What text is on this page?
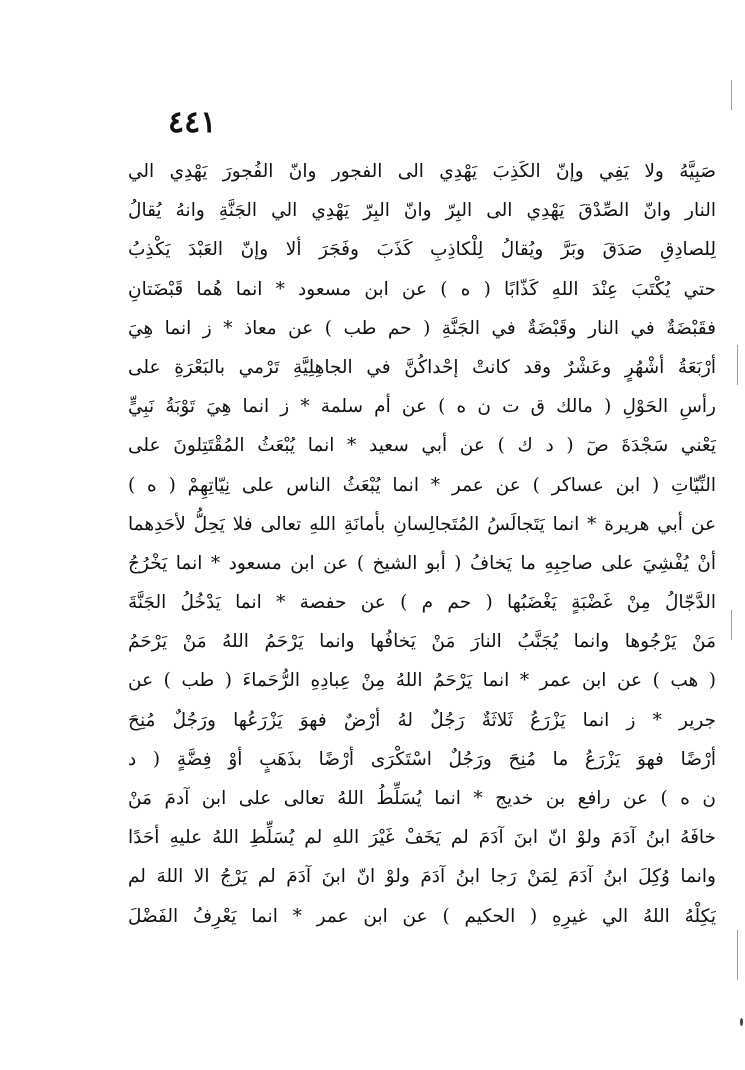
٤٤١
صَبِيَّهُ ولا يَفِي وإنّ الكَذِبَ يَهْدِي الى الفجور وانّ الفُجورَ يَهْدِي الي
النار وانّ الصِّدْقَ يَهْدِي الى البِرّ وانّ البِرّ يَهْدِي الي الجَنَّةِ وانهُ يُقالُ
لِلصادِقِ صَدَقَ وبَرَّ ويُقالُ لِلْكاذِبِ كَذَبَ وفَجَرَ ألا وإنّ العَبْدَ يَكْذِبُ
حتي يُكْتَبَ عِنْدَ اللهِ كَذّابًا ( ه ) عن ابن مسعود * انما هُما قَبْضَتانِ
فقَبْضَةٌ في النار وقَبْضَةٌ في الجَنَّةِ ( حم طب ) عن معاذ * ز انما هِيَ
أرْبَعَةُ أشْهُرٍ وعَشْرٌ وقد كانتْ إحْداكُنَّ في الجاهِلِيَّةِ تَرْمي بالبَعْرَةِ على
رأسِ الحَوْلِ ( مالك ق ت ن ه ) عن أم سلمة * ز انما هِيَ تَوْبَةُ نَبِيٍّ
يَعْني سَجْدَةَ صٓ ( د ك ) عن أبي سعيد * انما يُبْعَثُ المُقْتَتِلونَ على
النِّيّاتِ ( ابن عساكر ) عن عمر * انما يُبْعَثُ الناس على نِيّاتِهِمْ ( ه )
عن أبي هريرة * انما يَتَجالَسُ المُتَجالِسانِ بأمانَةِ اللهِ تعالى فلا يَحِلُّ لأحَدِهما
أنْ يُفْشِيَ على صاحِبِهِ ما يَخافُ ( أبو الشيخ ) عن ابن مسعود * انما يَخْرُجُ
الدَّجّالُ مِنْ غَضْبَةٍ يَغْضَبُها ( حم م ) عن حفصة * انما يَدْخُلُ الجَنَّةَ
مَنْ يَرْجُوها وانما يُجَنَّبُ النارَ مَنْ يَخافُها وانما يَرْحَمُ اللهُ مَنْ يَرْحَمُ
( هب ) عن ابن عمر * انما يَرْحَمُ اللهُ مِنْ عِبادِهِ الرُّحَماءَ ( طب ) عن
جرير * ز انما يَزْرَعُ ثَلاثَةٌ رَجُلٌ لهُ أرْضٌ فهوَ يَزْرَعُها ورَجُلٌ مُنِحَ
أرْضًا فهوَ يَزْرَعُ ما مُنِحَ ورَجُلٌ اسْتَكْرَى أرْضًا بذَهَبٍ أوْ فِضَّةٍ ( د
ن ه ) عن رافع بن خديج * انما يُسَلِّطُ اللهُ تعالى على ابن آدمَ مَنْ
خافَهُ ابنُ آدَمَ ولوْ انّ ابنَ آدَمَ لم يَخَفْ غَيْرَ اللهِ لم يُسَلِّطِ اللهُ عليهِ أحَدًا
وانما وُكِلَ ابنُ آدَمَ لِمَنْ رَجا ابنُ آدَمَ ولوْ انّ ابنَ آدَمَ لم يَرْجُ الا اللهَ لم
يَكِلْهُ اللهُ الي غيرِهِ ( الحكيم ) عن ابن عمر * انما يَعْرِفُ الفَضْلَ
